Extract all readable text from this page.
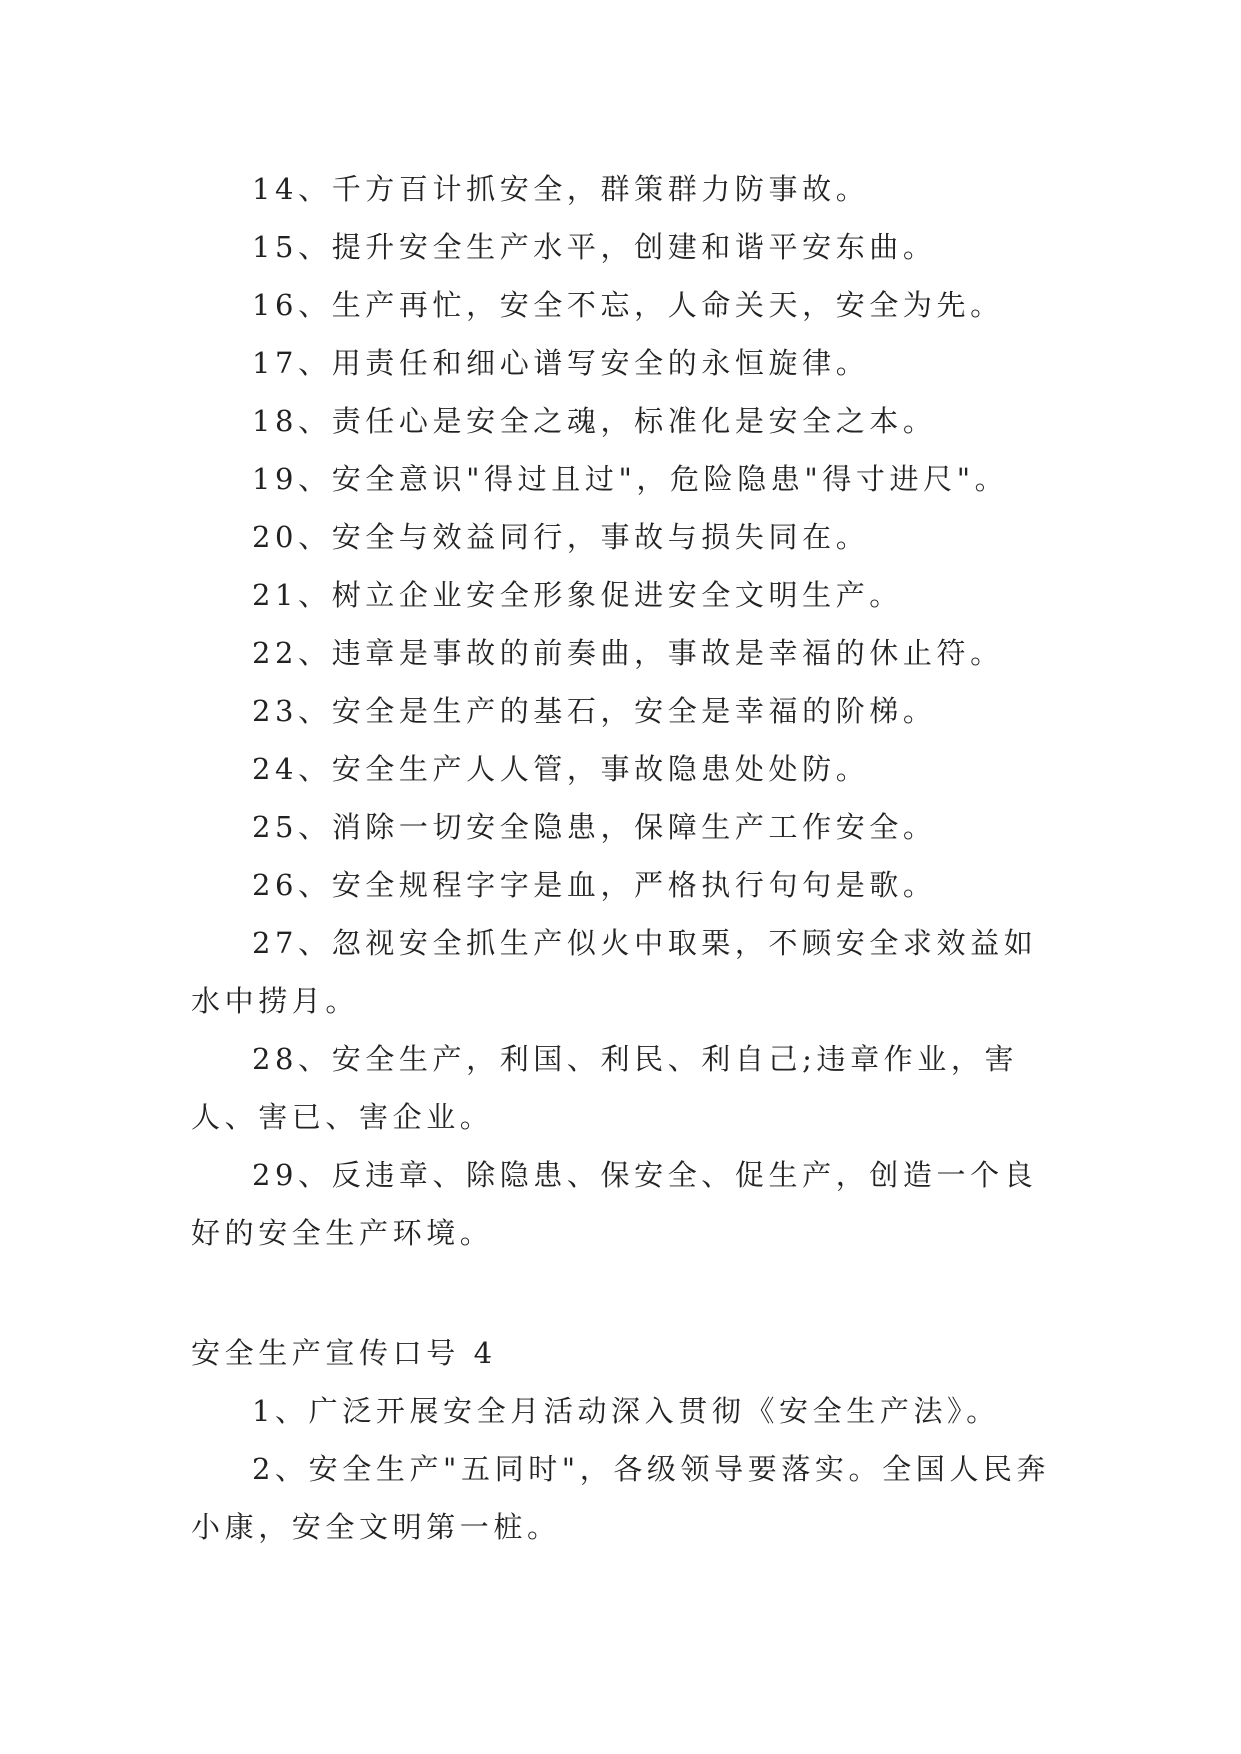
14、千方百计抓安全，群策群力防事故。

15、提升安全生产水平，创建和谐平安东曲。

16、生产再忙，安全不忘，人命关天，安全为先。

17、用责任和细心谱写安全的永恒旋律。

18、责任心是安全之魂，标准化是安全之本。

19、安全意识"得过且过"，危险隐患"得寸进尺"。

20、安全与效益同行，事故与损失同在。

21、树立企业安全形象促进安全文明生产。

22、违章是事故的前奏曲，事故是幸福的休止符。

23、安全是生产的基石，安全是幸福的阶梯。

24、安全生产人人管，事故隐患处处防。

25、消除一切安全隐患，保障生产工作安全。

26、安全规程字字是血，严格执行句句是歌。

27、忽视安全抓生产似火中取栗，不顾安全求效益如水中捞月。

28、安全生产，利国、利民、利自己;违章作业，害人、害已、害企业。

29、反违章、除隐患、保安全、促生产，创造一个良好的安全生产环境。

安全生产宣传口号 4

1、广泛开展安全月活动深入贯彻《安全生产法》。

2、安全生产"五同时"，各级领导要落实。全国人民奔小康，安全文明第一桩。
